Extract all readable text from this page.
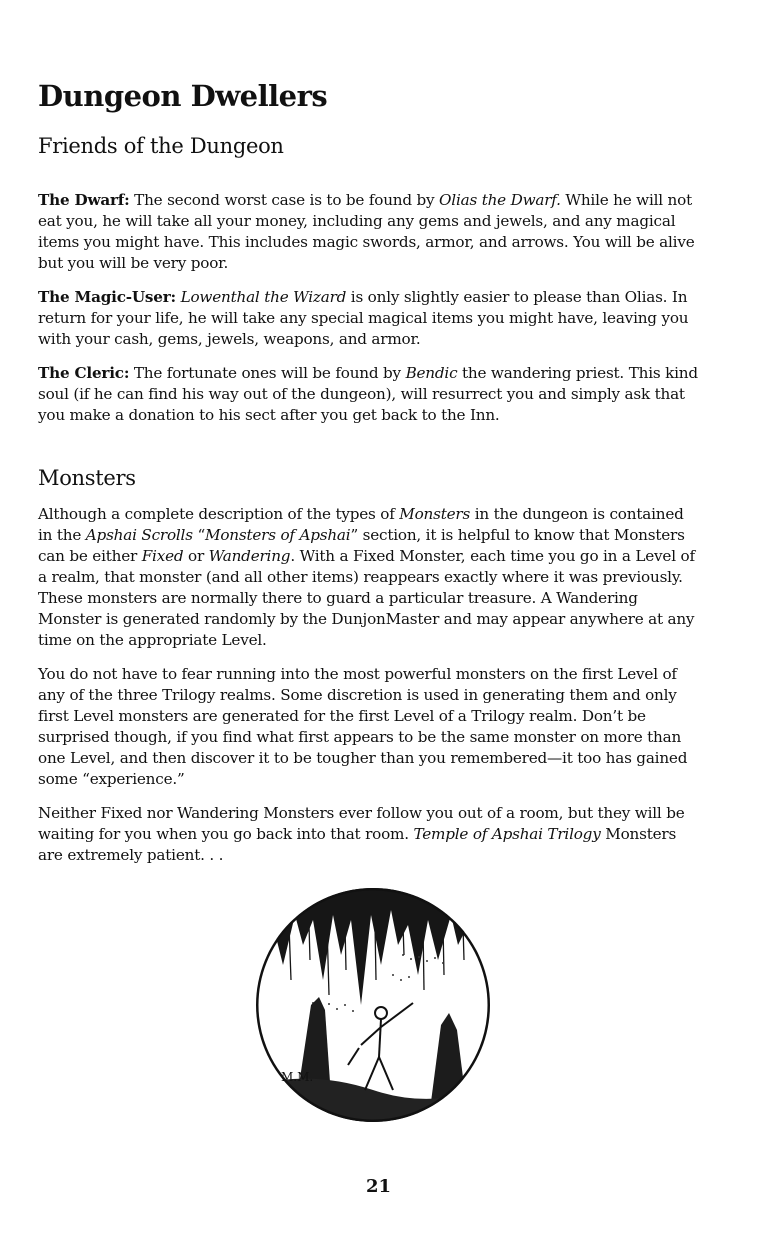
Dungeon Dwellers
Friends of the Dungeon

The Dwarf: The second worst case is to be found by Olias the Dwarf. While he will not eat you, he will take all your money, including any gems and jewels, and any magical items you might have. This includes magic swords, armor, and arrows. You will be alive but you will be very poor.

The Magic-User: Lowenthal the Wizard is only slightly easier to please than Olias. In return for your life, he will take any special magical items you might have, leaving you with your cash, gems, jewels, weapons, and armor.

The Cleric: The fortunate ones will be found by Bendic the wandering priest. This kind soul (if he can find his way out of the dungeon), will resurrect you and simply ask that you make a donation to his sect after you get back to the Inn.

Monsters

Although a complete description of the types of Monsters in the dungeon is contained in the Apshai Scrolls “Monsters of Apshai” section, it is helpful to know that Monsters can be either Fixed or Wandering. With a Fixed Monster, each time you go in a Level of a realm, that monster (and all other items) reappears exactly where it was previously. These monsters are normally there to guard a particular treasure. A Wandering Monster is generated randomly by the DunjonMaster and may appear anywhere at any time on the appropriate Level.

You do not have to fear running into the most powerful monsters on the first Level of any of the three Trilogy realms. Some discretion is used in generating them and only first Level monsters are generated for the first Level of a Trilogy realm. Don’t be surprised though, if you find what first appears to be the same monster on more than one Level, and then discover it to be tougher than you remembered—it too has gained some “experience.”

Neither Fixed nor Wandering Monsters ever follow you out of a room, but they will be waiting for you when you go back into that room. Temple of Apshai Trilogy Monsters are extremely patient. . .

M.M.
21
